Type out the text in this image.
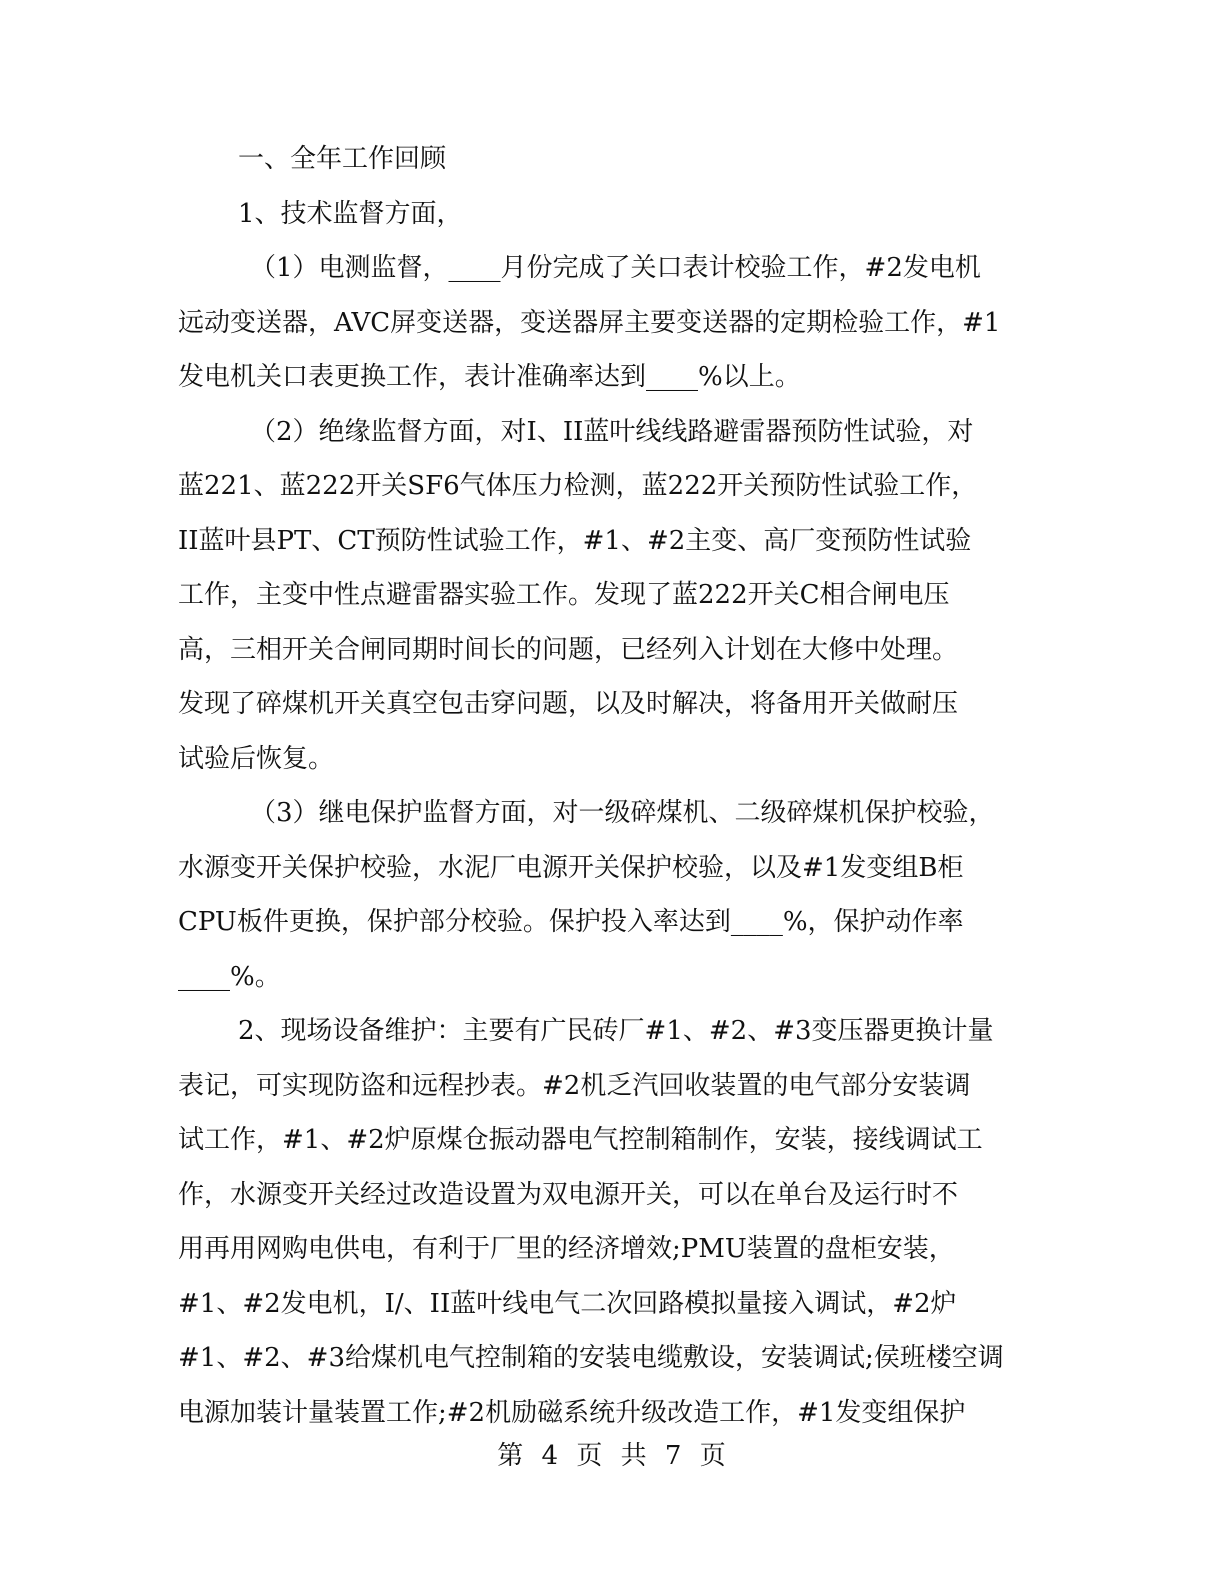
一、全年工作回顾
1、技术监督方面，
（1）电测监督，____月份完成了关口表计校验工作，#2发电机
远动变送器，AVC屏变送器，变送器屏主要变送器的定期检验工作，#1
发电机关口表更换工作，表计准确率达到____%以上。
（2）绝缘监督方面，对I、II蓝叶线线路避雷器预防性试验，对
蓝221、蓝222开关SF6气体压力检测，蓝222开关预防性试验工作，
II蓝叶县PT、CT预防性试验工作，#1、#2主变、高厂变预防性试验
工作，主变中性点避雷器实验工作。发现了蓝222开关C相合闸电压
高，三相开关合闸同期时间长的问题，已经列入计划在大修中处理。
发现了碎煤机开关真空包击穿问题，以及时解决，将备用开关做耐压
试验后恢复。
（3）继电保护监督方面，对一级碎煤机、二级碎煤机保护校验，
水源变开关保护校验，水泥厂电源开关保护校验，以及#1发变组B柜
CPU板件更换，保护部分校验。保护投入率达到____%，保护动作率
____%。
2、现场设备维护：主要有广民砖厂#1、#2、#3变压器更换计量
表记，可实现防盗和远程抄表。#2机乏汽回收装置的电气部分安装调
试工作，#1、#2炉原煤仓振动器电气控制箱制作，安装，接线调试工
作，水源变开关经过改造设置为双电源开关，可以在单台及运行时不
用再用网购电供电，有利于厂里的经济增效;PMU装置的盘柜安装，
#1、#2发电机，I/、II蓝叶线电气二次回路模拟量接入调试，#2炉
#1、#2、#3给煤机电气控制箱的安装电缆敷设，安装调试;侯班楼空调
电源加装计量装置工作;#2机励磁系统升级改造工作，#1发变组保护
第 4 页 共 7 页
